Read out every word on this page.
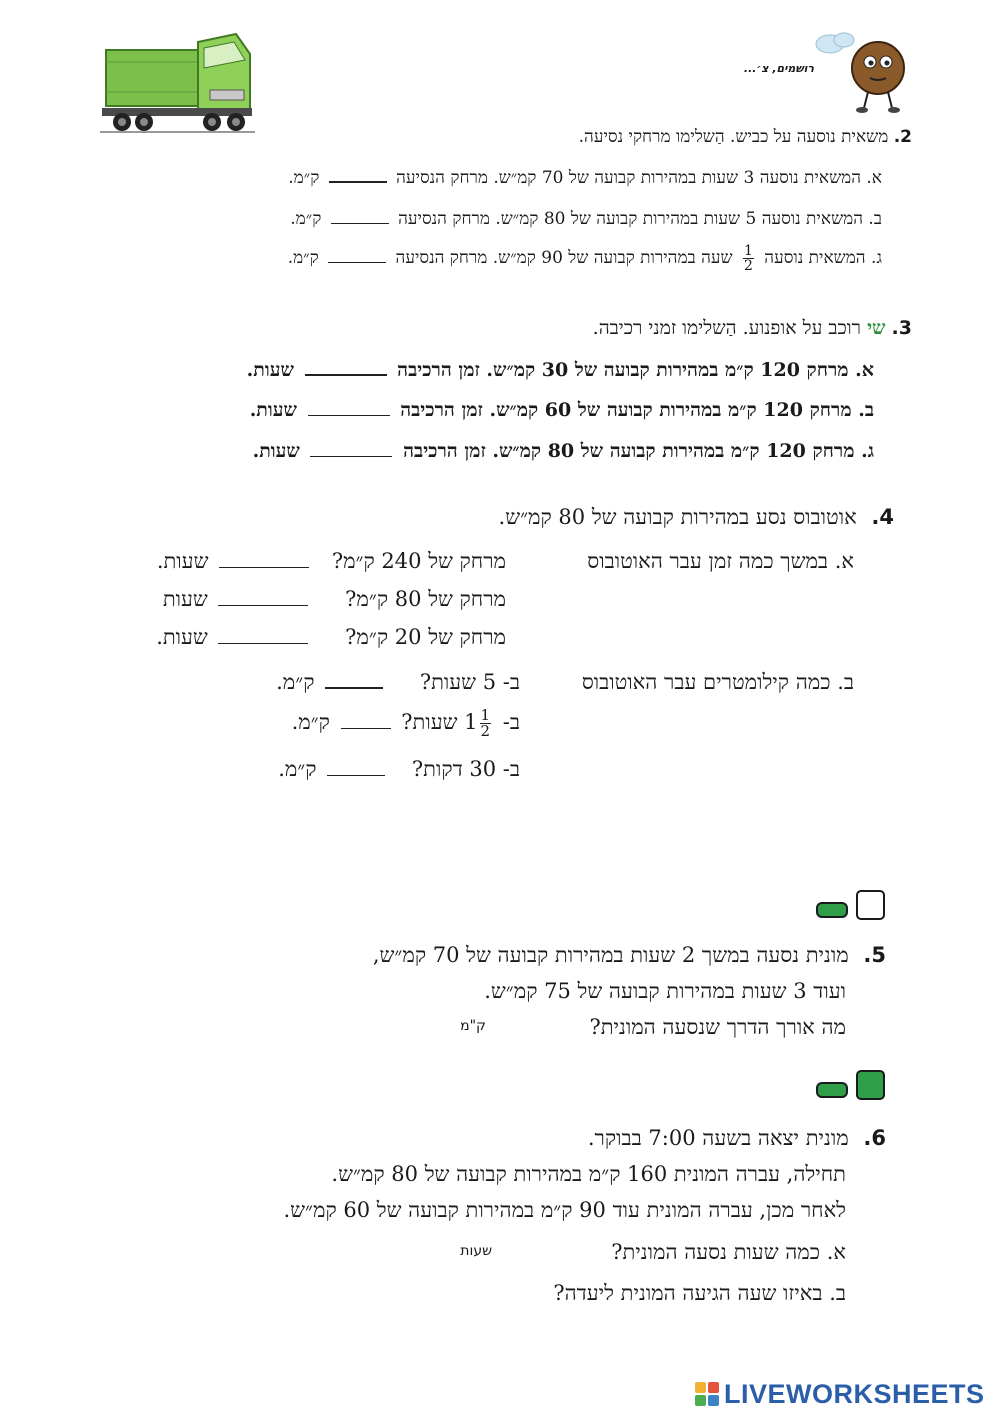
רושמים, צ׳...
2. משאית נוסעה על כביש. הַשלימו מרחקי נסיעה.
א. המשאית נוסעה 3 שעות במהירות קבועה של 70 קמ״ש. מרחק הנסיעה  ק״מ.
ב. המשאית נוסעה 5 שעות במהירות קבועה של 80 קמ״ש. מרחק הנסיעה  ק״מ.
ג. המשאית נוסעה
$\frac{1}{2}$
שעה במהירות קבועה של 90 קמ״ש. מרחק הנסיעה  ק״מ.
3. שי רוכב על אופנוע. הַשלימו זמני רכיבה.
א. מרחק 120 ק״מ במהירות קבועה של 30 קמ״ש. זמן הרכיבה  שעות.
ב. מרחק 120 ק״מ במהירות קבועה של 60 קמ״ש. זמן הרכיבה  שעות.
ג. מרחק 120 ק״מ במהירות קבועה של 80 קמ״ש. זמן הרכיבה  שעות.
4. אוטובוס נסע במהירות קבועה של 80 קמ״ש.
א. במשך כמה זמן עבר האוטובוס
מרחק של 240 ק״מ?  שעות.
מרחק של 80 ק״מ?  שעות
מרחק של 20 ק״מ?  שעות.
ב. כמה קילומטרים עבר האוטובוס
ב- 5 שעות?  ק״מ.
ב- $1 \frac{1}{2}$
שעות?  ק״מ.
ב- 30 דקות?  ק״מ.
5. מונית נסעה במשך 2 שעות במהירות קבועה של 70 קמ״ש,
ועוד 3 שעות במהירות קבועה של 75 קמ״ש.
מה אורך הדרך שנסעה המונית?
ק"מ
6. מונית יצאה בשעה 7:00 בבוקר.
תחילה, עברה המונית 160 ק״מ במהירות קבועה של 80 קמ״ש.
לאחר מכן, עברה המונית עוד 90 ק״מ במהירות קבועה של 60 קמ״ש.
א. כמה שעות נסעה המונית?
שעות
ב. באיזו שעה הגיעה המונית ליעדה?
LIVEWORKSHEETS
